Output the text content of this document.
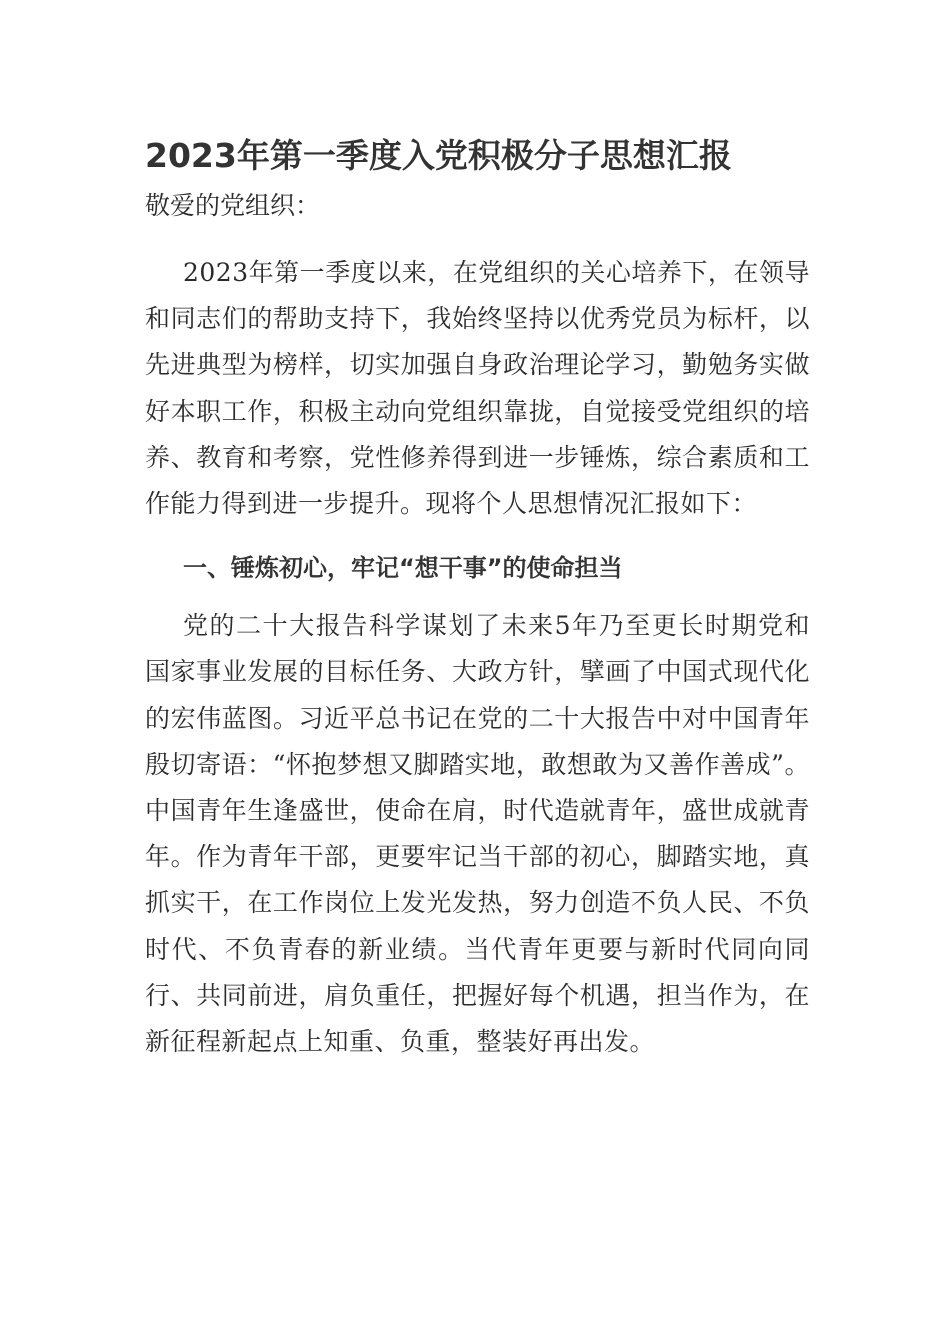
2023年第一季度入党积极分子思想汇报

敬爱的党组织：

2023年第一季度以来，在党组织的关心培养下，在领导和同志们的帮助支持下，我始终坚持以优秀党员为标杆，以先进典型为榜样，切实加强自身政治理论学习，勤勉务实做好本职工作，积极主动向党组织靠拢，自觉接受党组织的培养、教育和考察，党性修养得到进一步锤炼，综合素质和工作能力得到进一步提升。现将个人思想情况汇报如下：

一、锤炼初心，牢记“想干事”的使命担当

党的二十大报告科学谋划了未来5年乃至更长时期党和国家事业发展的目标任务、大政方针，擘画了中国式现代化的宏伟蓝图。习近平总书记在党的二十大报告中对中国青年殷切寄语：“怀抱梦想又脚踏实地，敢想敢为又善作善成”。中国青年生逢盛世，使命在肩，时代造就青年，盛世成就青年。作为青年干部，更要牢记当干部的初心，脚踏实地，真抓实干，在工作岗位上发光发热，努力创造不负人民、不负时代、不负青春的新业绩。当代青年更要与新时代同向同行、共同前进，肩负重任，把握好每个机遇，担当作为，在新征程新起点上知重、负重，整装好再出发。
